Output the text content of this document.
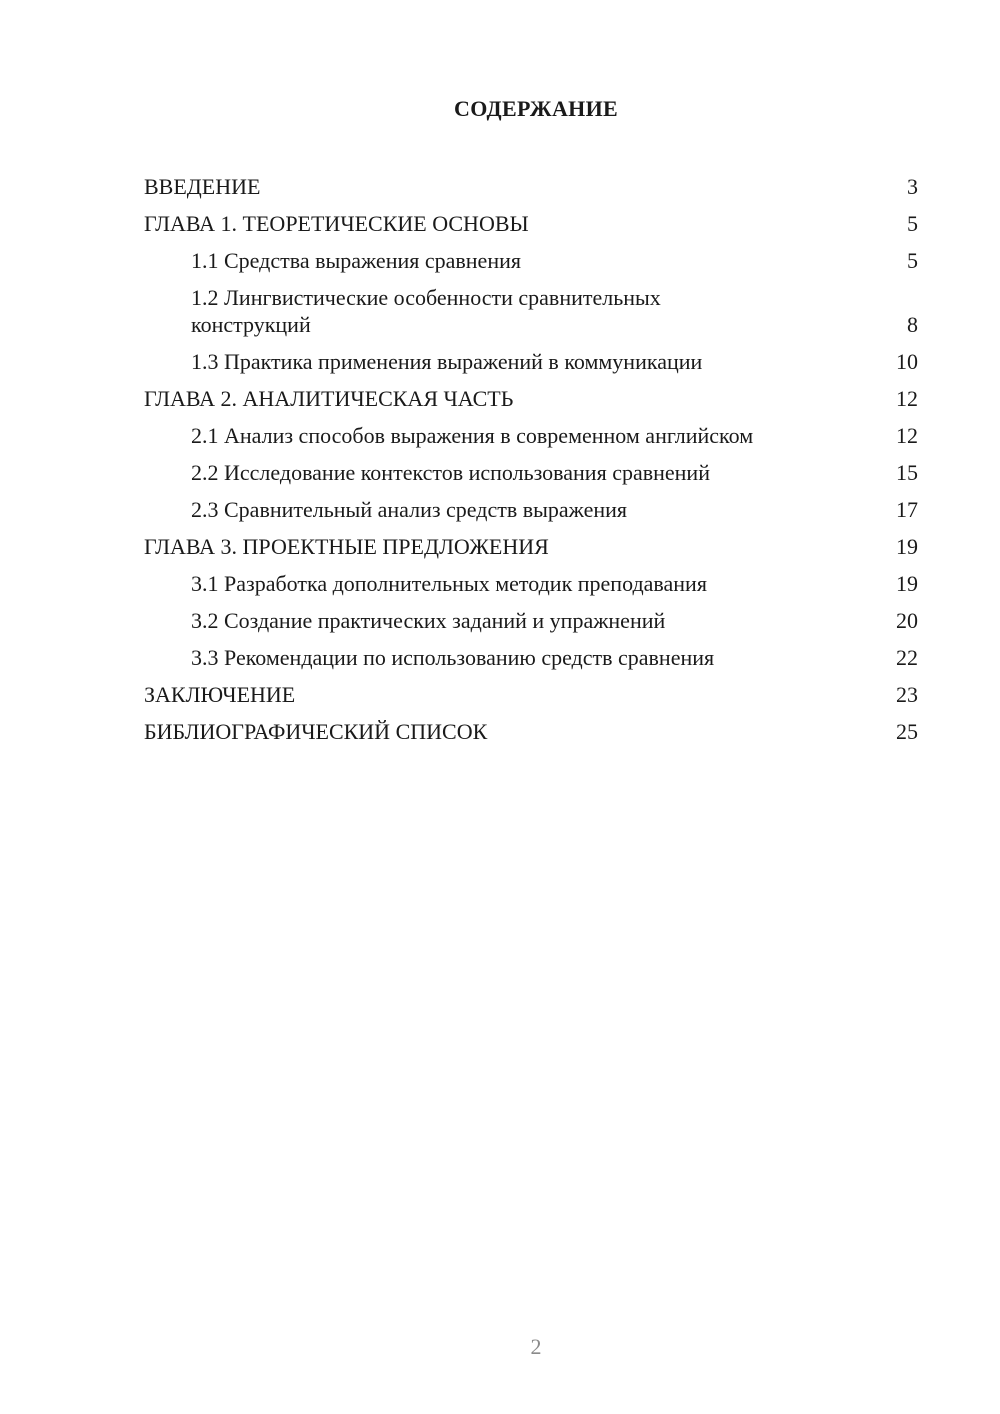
СОДЕРЖАНИЕ
ВВЕДЕНИЕ	3
ГЛАВА 1. ТЕОРЕТИЧЕСКИЕ ОСНОВЫ	5
1.1 Средства выражения сравнения	5
1.2 Лингвистические особенности сравнительных конструкций	8
1.3 Практика применения выражений в коммуникации	10
ГЛАВА 2. АНАЛИТИЧЕСКАЯ ЧАСТЬ	12
2.1 Анализ способов выражения в современном английском	12
2.2 Исследование контекстов использования сравнений	15
2.3 Сравнительный анализ средств выражения	17
ГЛАВА 3. ПРОЕКТНЫЕ ПРЕДЛОЖЕНИЯ	19
3.1 Разработка дополнительных методик преподавания	19
3.2 Создание практических заданий и упражнений	20
3.3 Рекомендации по использованию средств сравнения	22
ЗАКЛЮЧЕНИЕ	23
БИБЛИОГРАФИЧЕСКИЙ СПИСОК	25
2
